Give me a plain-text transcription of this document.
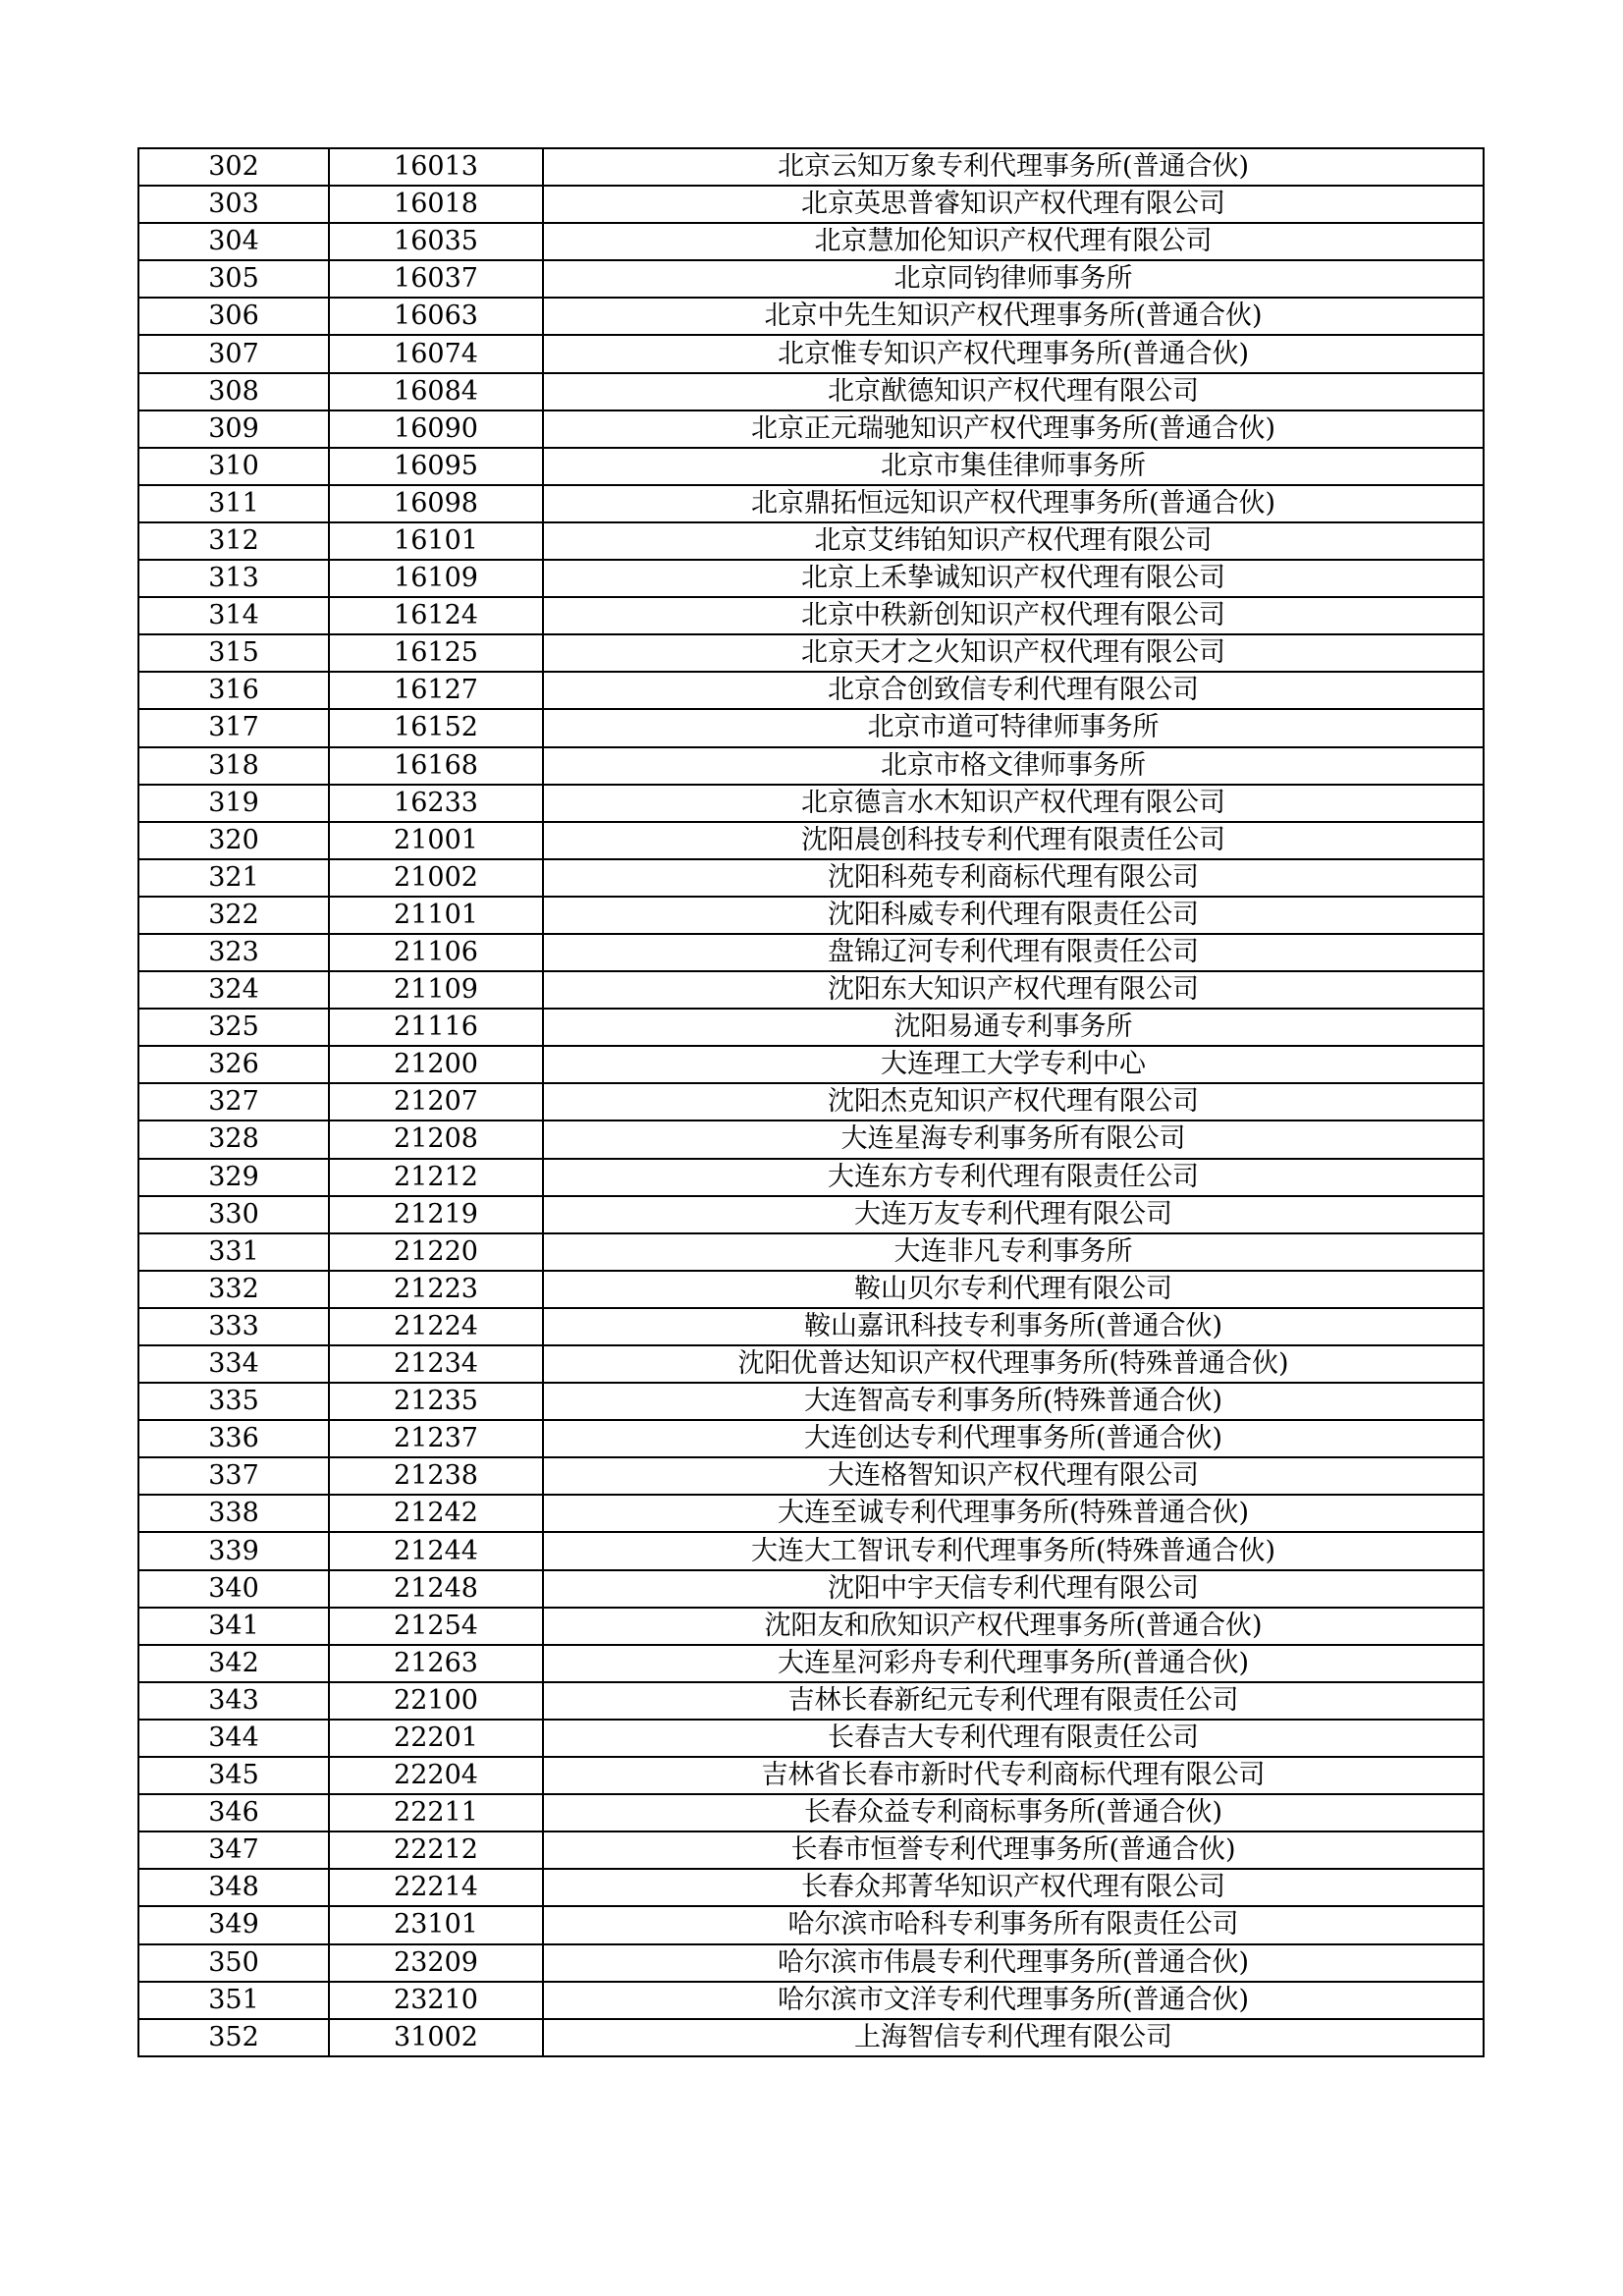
302	16013	北京云知万象专利代理事务所(普通合伙)
303	16018	北京英思普睿知识产权代理有限公司
304	16035	北京慧加伦知识产权代理有限公司
305	16037	北京同钧律师事务所
306	16063	北京中先生知识产权代理事务所(普通合伙)
307	16074	北京惟专知识产权代理事务所(普通合伙)
308	16084	北京猷德知识产权代理有限公司
309	16090	北京正元瑞驰知识产权代理事务所(普通合伙)
310	16095	北京市集佳律师事务所
311	16098	北京鼎拓恒远知识产权代理事务所(普通合伙)
312	16101	北京艾纬铂知识产权代理有限公司
313	16109	北京上禾挚诚知识产权代理有限公司
314	16124	北京中秩新创知识产权代理有限公司
315	16125	北京天才之火知识产权代理有限公司
316	16127	北京合创致信专利代理有限公司
317	16152	北京市道可特律师事务所
318	16168	北京市格文律师事务所
319	16233	北京德言水木知识产权代理有限公司
320	21001	沈阳晨创科技专利代理有限责任公司
321	21002	沈阳科苑专利商标代理有限公司
322	21101	沈阳科威专利代理有限责任公司
323	21106	盘锦辽河专利代理有限责任公司
324	21109	沈阳东大知识产权代理有限公司
325	21116	沈阳易通专利事务所
326	21200	大连理工大学专利中心
327	21207	沈阳杰克知识产权代理有限公司
328	21208	大连星海专利事务所有限公司
329	21212	大连东方专利代理有限责任公司
330	21219	大连万友专利代理有限公司
331	21220	大连非凡专利事务所
332	21223	鞍山贝尔专利代理有限公司
333	21224	鞍山嘉讯科技专利事务所(普通合伙)
334	21234	沈阳优普达知识产权代理事务所(特殊普通合伙)
335	21235	大连智高专利事务所(特殊普通合伙)
336	21237	大连创达专利代理事务所(普通合伙)
337	21238	大连格智知识产权代理有限公司
338	21242	大连至诚专利代理事务所(特殊普通合伙)
339	21244	大连大工智讯专利代理事务所(特殊普通合伙)
340	21248	沈阳中宇天信专利代理有限公司
341	21254	沈阳友和欣知识产权代理事务所(普通合伙)
342	21263	大连星河彩舟专利代理事务所(普通合伙)
343	22100	吉林长春新纪元专利代理有限责任公司
344	22201	长春吉大专利代理有限责任公司
345	22204	吉林省长春市新时代专利商标代理有限公司
346	22211	长春众益专利商标事务所(普通合伙)
347	22212	长春市恒誉专利代理事务所(普通合伙)
348	22214	长春众邦菁华知识产权代理有限公司
349	23101	哈尔滨市哈科专利事务所有限责任公司
350	23209	哈尔滨市伟晨专利代理事务所(普通合伙)
351	23210	哈尔滨市文洋专利代理事务所(普通合伙)
352	31002	上海智信专利代理有限公司
